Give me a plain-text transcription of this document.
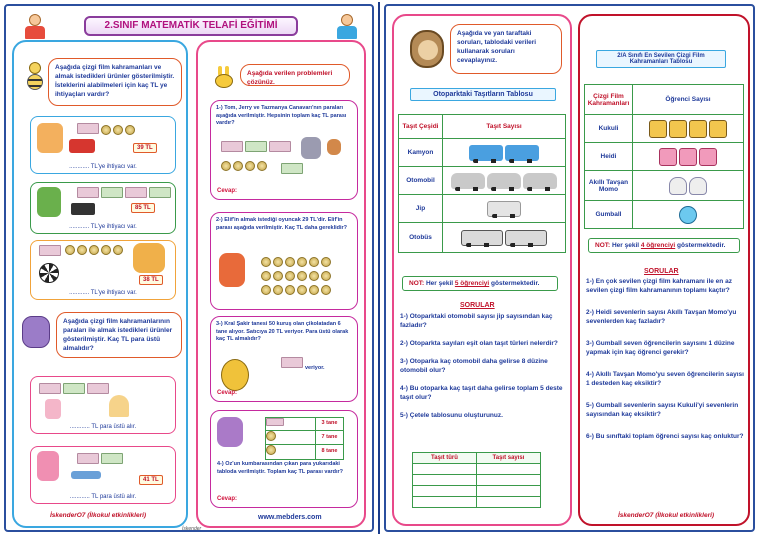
2.SINIF MATEMATİK TELAFİ EĞİTİMİ
Aşağıda çizgi film kahramanları ve almak istedikleri ürünler gösterilmiştir. İsteklerini alabilmeleri için kaç TL ye ihtiyaçları vardır?
39 TL
............ TL'ye ihtiyacı var.
85 TL
............ TL'ye ihtiyacı var.
38 TL
............ TL'ye ihtiyacı var.
Aşağıda çizgi film kahramanlarının paraları ile almak istedikleri ürünler gösterilmiştir. Kaç TL para üstü almalıdır?
............ TL para üstü alır.
41 TL
............ TL para üstü alır.
İskenderO7 (İlkokul etkinlikleri)
Aşağıda verilen problemleri çözünüz.
1-) Tom, Jerry ve Tazmanya Canavarı'nın paraları aşağıda verilmiştir. Hepsinin toplam kaç TL parası vardır?
Cevap:
2-) Elif'in almak istediği oyuncak 29 TL'dir. Elif'in parası aşağıda verilmiştir. Kaç TL daha gereklidir?
3-) Kral Şakir tanesi 50 kuruş olan çikolatadan 6 tane alıyor. Satıcıya 20 TL veriyor. Para üstü olarak kaç TL almalıdır?
veriyor.
Cevap:
	3 tane
	7 tane
	8 tane
4-) Oz'un kumbarasından çıkan para yukarıdaki tabloda verilmiştir. Toplam kaç TL parası vardır?
Cevap:
www.mebders.com
İskender
Aşağıda ve yan taraftaki soruları, tablodaki verileri kullanarak soruları cevaplayınız.
Otoparktaki Taşıtların Tablosu
Taşıt Çeşidi	Taşıt Sayısı
Kamyon	
Otomobil	
Jip	
Otobüs	
NOT: Her şekil 5 öğrenciyi göstermektedir.
SORULAR

1-) Otoparktaki otomobil sayısı jip sayısından kaç fazladır?

2-) Otoparkta sayıları eşit olan taşıt türleri nelerdir?

3-) Otoparka kaç otomobil daha gelirse 8 düzine otomobil olur?

4-) Bu otoparka kaç taşıt daha gelirse toplam 5 deste taşıt olur?

5-) Çetele tablosunu oluşturunuz.

Taşıt türü	Taşıt sayısı

2/A Sınıfı En Sevilen Çizgi Film Kahramanları Tablosu
Çizgi Film Kahramanları	Öğrenci Sayısı
Kukuli	
Heidi	
Akıllı Tavşan Momo	
Gumball	
NOT: Her şekil 4 öğrenciyi göstermektedir.
SORULAR

1-) En çok sevilen çizgi film kahramanı ile en az sevilen çizgi film kahramanının toplamı kaçtır?

2-) Heidi sevenlerin sayısı Akıllı Tavşan Momo'yu sevenlerden kaç fazladır?

3-) Gumball seven öğrencilerin sayısını 1 düzine yapmak için kaç öğrenci gerekir?

4-) Akıllı Tavşan Momo'yu seven öğrencilerin sayısı 1 desteden kaç eksiktir?

5-) Gumball sevenlerin sayısı Kukuli'yi sevenlerin sayısından kaç eksiktir?

6-) Bu sınıftaki toplam öğrenci sayısı kaç onluktur?

İskenderO7 (İlkokul etkinlikleri)
